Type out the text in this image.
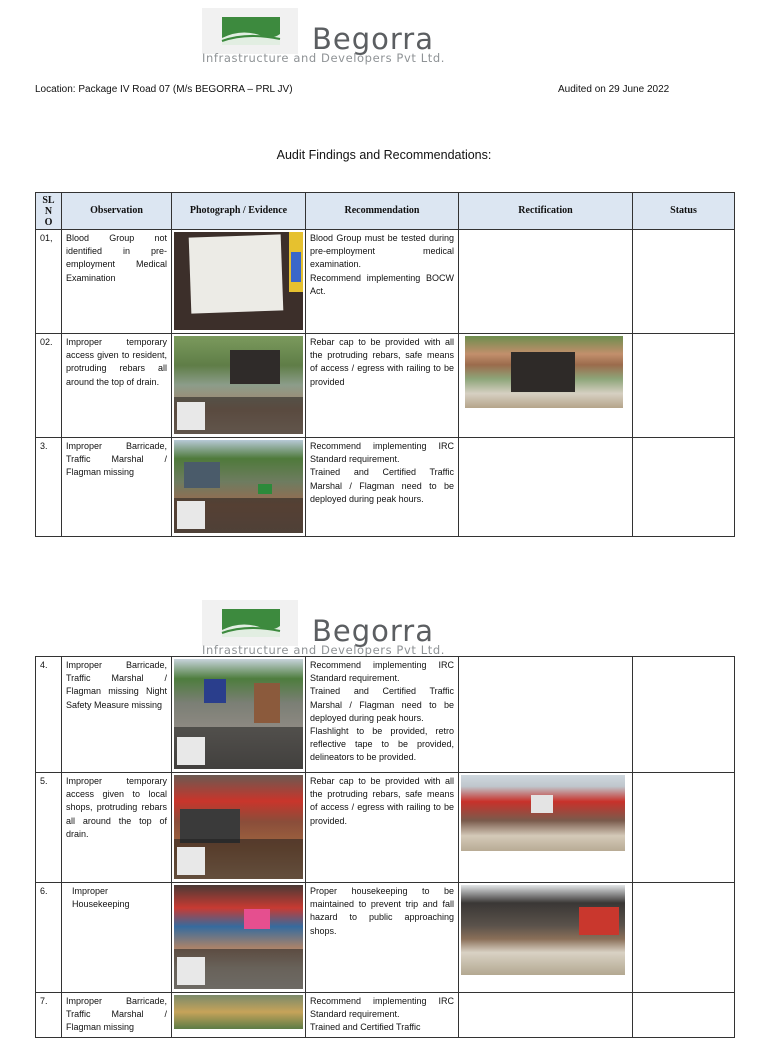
Begorra
Infrastructure and Developers Pvt Ltd.
Location: Package IV Road 07 (M/s BEGORRA – PRL JV)	Audited on 29 June 2022
Audit Findings and Recommendations:
SL
N
O	Observation	Photograph / Evidence	Recommendation	Rectification	Status
01,	Blood Group not identified in pre-employment Medical Examination		Blood Group must be tested during pre-employment medical examination.
Recommend implementing BOCW Act.		

02.	Improper temporary access given to resident, protruding rebars all around the top of drain.		Rebar cap to be provided with all the protruding rebars, safe means of access / egress with railing to be provided		

3.	Improper Barricade, Traffic Marshal / Flagman missing		Recommend implementing IRC Standard requirement.
Trained and Certified Traffic Marshal / Flagman need to be deployed during peak hours.		

Begorra
Infrastructure and Developers Pvt Ltd.
4.	Improper Barricade, Traffic Marshal / Flagman missing Night Safety Measure missing		Recommend implementing IRC Standard requirement.
Trained and Certified Traffic Marshal / Flagman need to be deployed during peak hours.
Flashlight to be provided, retro reflective tape to be provided, delineators to be provided.		

5.	Improper temporary access given to local shops, protruding rebars all around the top of drain.		Rebar cap to be provided with all the protruding rebars, safe means of access / egress with railing to be provided.		

6.	Improper Housekeeping		Proper housekeeping to be maintained to prevent trip and fall hazard to public approaching shops.		

7.	Improper Barricade, Traffic Marshal / Flagman missing		Recommend implementing IRC Standard requirement.
Trained and Certified Traffic		
